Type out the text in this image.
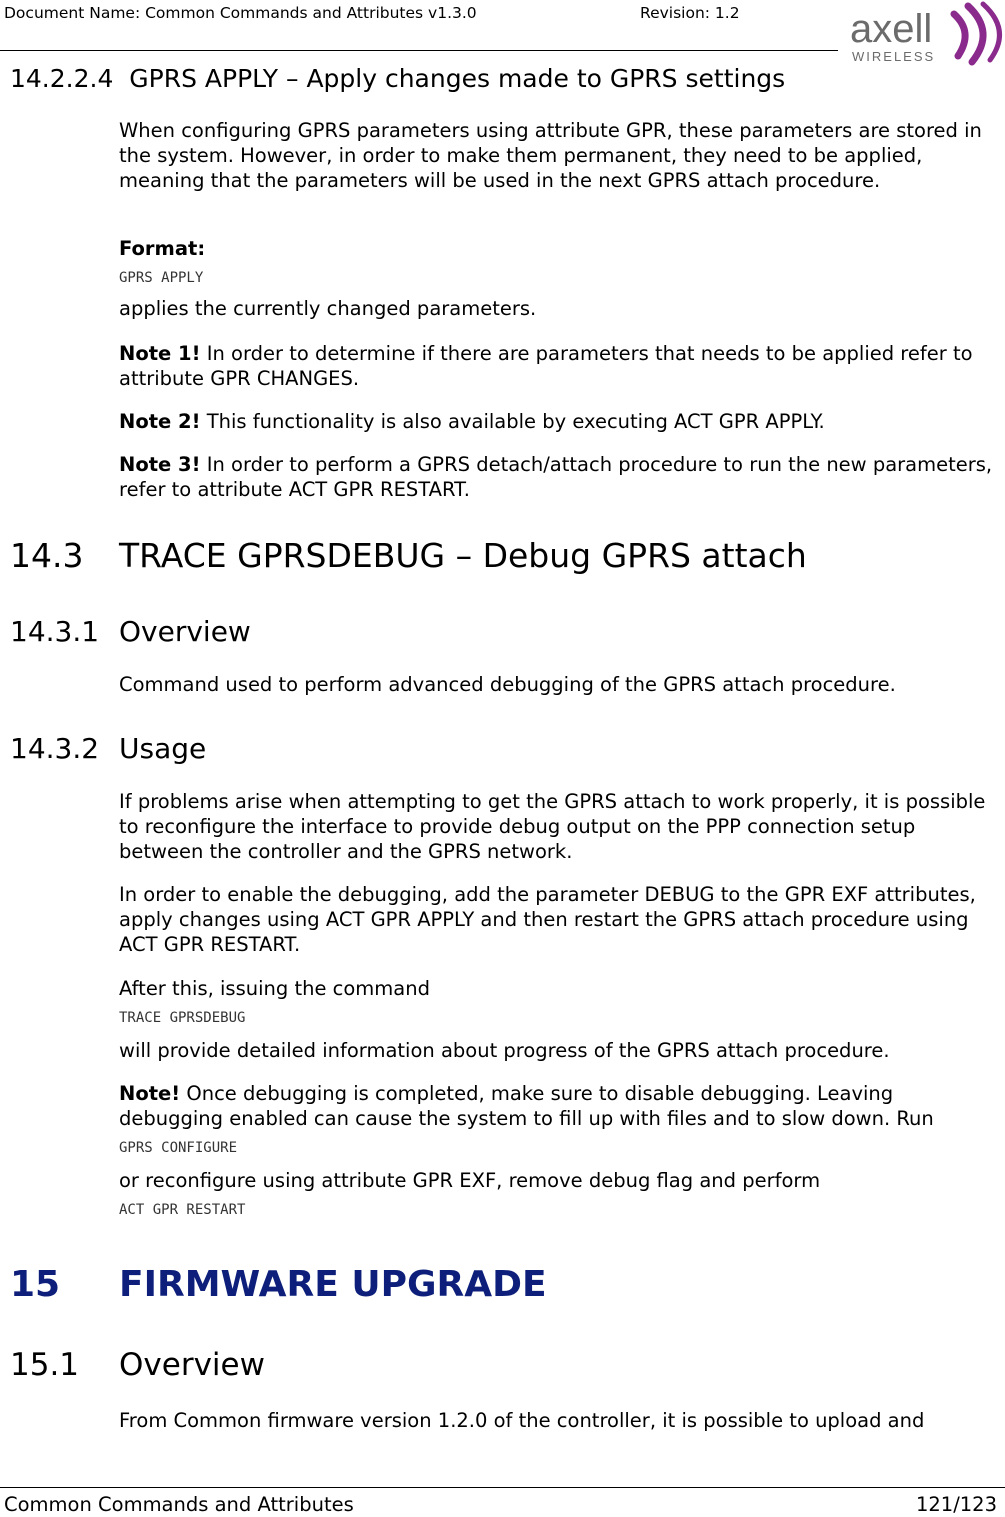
Document Name: Common Commands and Attributes v1.3.0	Revision: 1.2	axell
WIRELESS
14.2.2.4 GPRS APPLY – Apply changes made to GPRS settings
When configuring GPRS parameters using attribute GPR, these parameters are stored in the system. However, in order to make them permanent, they need to be applied, meaning that the parameters will be used in the next GPRS attach procedure.
Format:
GPRS APPLY
applies the currently changed parameters.
Note 1! In order to determine if there are parameters that needs to be applied refer to attribute GPR CHANGES.
Note 2! This functionality is also available by executing ACT GPR APPLY.
Note 3! In order to perform a GPRS detach/attach procedure to run the new parameters, refer to attribute ACT GPR RESTART.
14.3 TRACE GPRSDEBUG – Debug GPRS attach
14.3.1 Overview
Command used to perform advanced debugging of the GPRS attach procedure.
14.3.2 Usage
If problems arise when attempting to get the GPRS attach to work properly, it is possible to reconfigure the interface to provide debug output on the PPP connection setup between the controller and the GPRS network.
In order to enable the debugging, add the parameter DEBUG to the GPR EXF attributes, apply changes using ACT GPR APPLY and then restart the GPRS attach procedure using ACT GPR RESTART.
After this, issuing the command
TRACE GPRSDEBUG
will provide detailed information about progress of the GPRS attach procedure.
Note! Once debugging is completed, make sure to disable debugging. Leaving debugging enabled can cause the system to fill up with files and to slow down. Run
GPRS CONFIGURE
or reconfigure using attribute GPR EXF, remove debug flag and perform
ACT GPR RESTART
15 FIRMWARE UPGRADE
15.1 Overview
From Common firmware version 1.2.0 of the controller, it is possible to upload and
Common Commands and Attributes	121/123
